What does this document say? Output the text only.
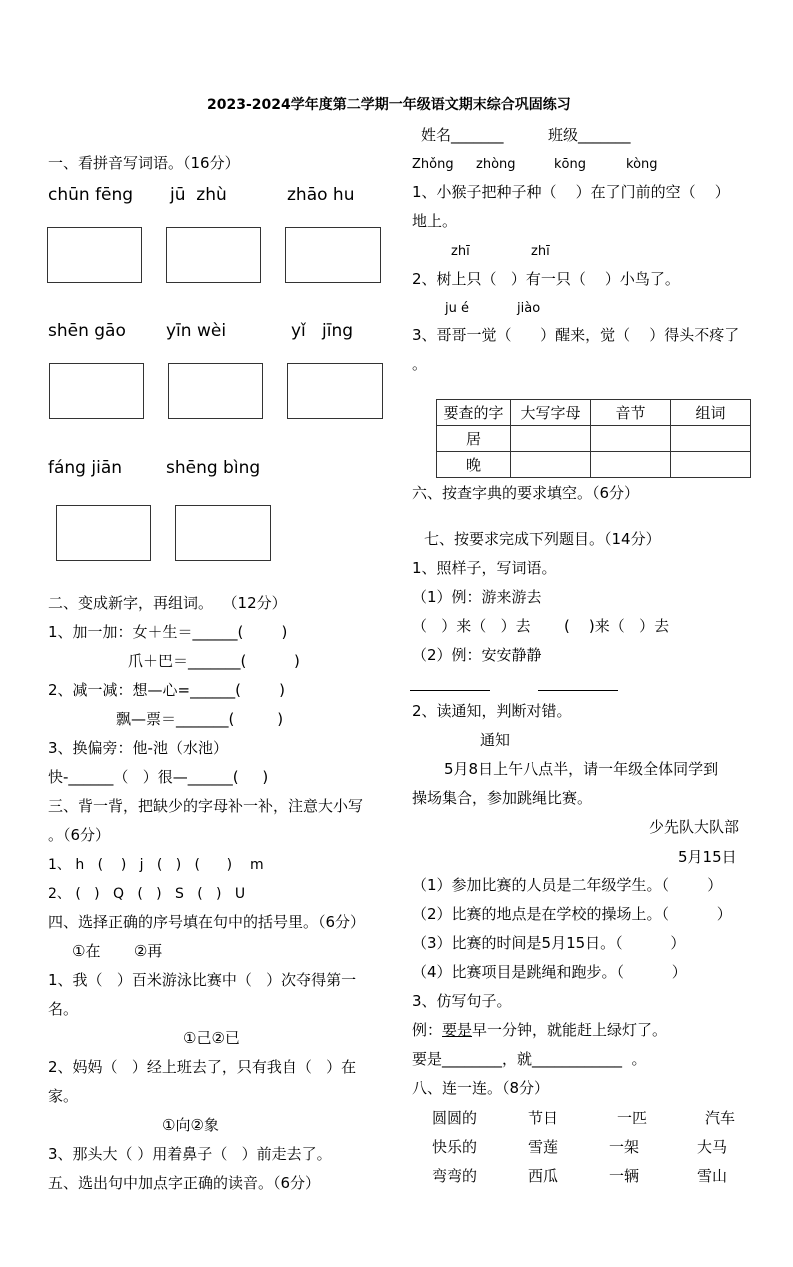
2023-2024学年度第二学期一年级语文期末综合巩固练习
姓名_______	班级_______
一、看拼音写词语。（16分）
chūn fēng jū  zhù	zhāo hu
shēn gāo yīn wèi	yǐ   jīng
fáng jiān	shēng bìng
二、变成新字，再组词。  （12分）
1、加一加：女＋生＝______(        )
爪＋巴＝_______(          )
2、减一减：想—心=______(        )
飘—票＝_______(         )
3、换偏旁：他-池（水池）
快-______（   ）很—______(     )
三、背一背，把缺少的字母补一补，注意大小写
。（6分）
1、 h   (    )   j   (   )   (      )    m
2、 (   )   Q   (   )   S   (   )   U
四、选择正确的序号填在句中的括号里。（6分）
①在       ②再
1、我（   ）百米游泳比赛中（   ）次夺得第一
名。
①己②已
2、妈妈（   ）经上班去了，只有我自（   ）在
家。
①向②象
3、那头大（ ）用着鼻子（   ）前走去了。
五、选出句中加点字正确的读音。（6分）
Zhǒng zhòng	kōng	kòng
1、小猴子把种子种（    ）在了门前的空（    ）
地上。
zhī	zhī
2、树上只（   ）有一只（    ）小鸟了。
ju é	jiào
3、哥哥一觉（      ）醒来，觉（    ）得头不疼了
。
要查的字	大写字母	音节	组词
居			
晚			
六、按查字典的要求填空。（6分）
七、按要求完成下列题目。（14分）
1、照样子，写词语。
（1）例：游来游去
（   ）来（   ）去       (    )来（   ）去
（2）例：安安静静
2、读通知，判断对错。
通知
5月8日上午八点半，请一年级全体同学到
操场集合，参加跳绳比赛。
少先队大队部
5月15日
（1）参加比赛的人员是二年级学生。（        ）
（2）比赛的地点是在学校的操场上。（          ）
（3）比赛的时间是5月15日。（          ）
（4）比赛项目是跳绳和跑步。（          ）
3、仿写句子。
例：要是早一分钟，就能赶上绿灯了。
要是________，就____________  。
八、连一连。（8分）
圆圆的	节日	一匹	汽车
快乐的	雪莲	一架	大马
弯弯的	西瓜	一辆	雪山
